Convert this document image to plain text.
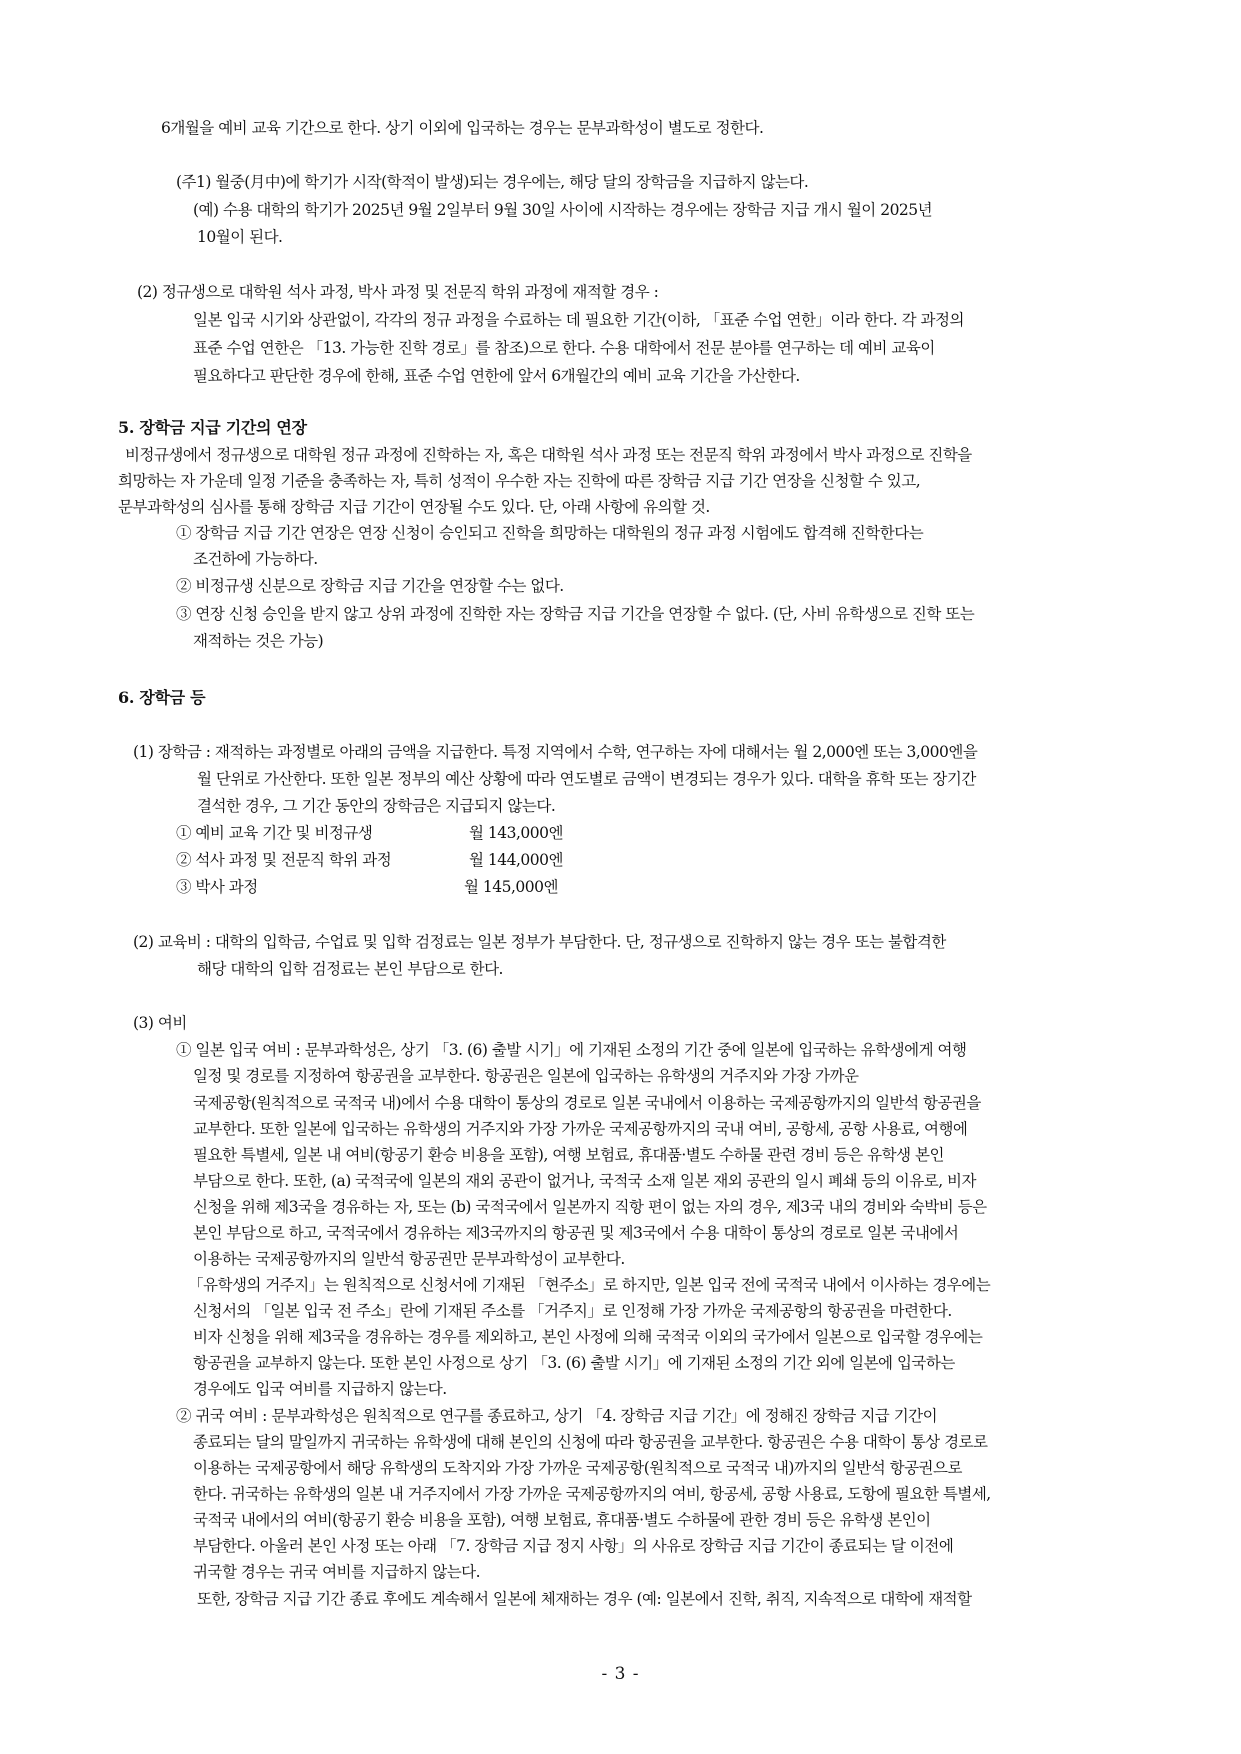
6개월을 예비 교육 기간으로 한다. 상기 이외에 입국하는 경우는 문부과학성이 별도로 정한다.
(주1) 월중(月中)에 학기가 시작(학적이 발생)되는 경우에는, 해당 달의 장학금을 지급하지 않는다.
(예) 수용 대학의 학기가 2025년 9월 2일부터 9월 30일 사이에 시작하는 경우에는 장학금 지급 개시 월이 2025년
10월이 된다.
(2) 정규생으로 대학원 석사 과정, 박사 과정 및 전문직 학위 과정에 재적할 경우 :
일본 입국 시기와 상관없이, 각각의 정규 과정을 수료하는 데 필요한 기간(이하, 「표준 수업 연한」이라 한다. 각 과정의
표준 수업 연한은 「13. 가능한 진학 경로」를 참조)으로 한다. 수용 대학에서 전문 분야를 연구하는 데 예비 교육이
필요하다고 판단한 경우에 한해, 표준 수업 연한에 앞서 6개월간의 예비 교육 기간을 가산한다.
5. 장학금 지급 기간의 연장
비정규생에서 정규생으로 대학원 정규 과정에 진학하는 자, 혹은 대학원 석사 과정 또는 전문직 학위 과정에서 박사 과정으로 진학을
희망하는 자 가운데 일정 기준을 충족하는 자, 특히 성적이 우수한 자는 진학에 따른 장학금 지급 기간 연장을 신청할 수 있고,
문부과학성의 심사를 통해 장학금 지급 기간이 연장될 수도 있다. 단, 아래 사항에 유의할 것.
① 장학금 지급 기간 연장은 연장 신청이 승인되고 진학을 희망하는 대학원의 정규 과정 시험에도 합격해 진학한다는
조건하에 가능하다.
② 비정규생 신분으로 장학금 지급 기간을 연장할 수는 없다.
③ 연장 신청 승인을 받지 않고 상위 과정에 진학한 자는 장학금 지급 기간을 연장할 수 없다. (단, 사비 유학생으로 진학 또는
재적하는 것은 가능)
6. 장학금 등
(1) 장학금 : 재적하는 과정별로 아래의 금액을 지급한다. 특정 지역에서 수학, 연구하는 자에 대해서는 월 2,000엔 또는 3,000엔을
월 단위로 가산한다. 또한 일본 정부의 예산 상황에 따라 연도별로 금액이 변경되는 경우가 있다. 대학을 휴학 또는 장기간
결석한 경우, 그 기간 동안의 장학금은 지급되지 않는다.
① 예비 교육 기간 및 비정규생	월 143,000엔
② 석사 과정 및 전문직 학위 과정	월 144,000엔
③ 박사 과정	월 145,000엔
(2) 교육비 : 대학의 입학금, 수업료 및 입학 검정료는 일본 정부가 부담한다. 단, 정규생으로 진학하지 않는 경우 또는 불합격한
해당 대학의 입학 검정료는 본인 부담으로 한다.
(3) 여비
① 일본 입국 여비 : 문부과학성은, 상기 「3. (6) 출발 시기」에 기재된 소정의 기간 중에 일본에 입국하는 유학생에게 여행
일정 및 경로를 지정하여 항공권을 교부한다. 항공권은 일본에 입국하는 유학생의 거주지와 가장 가까운
국제공항(원칙적으로 국적국 내)에서 수용 대학이 통상의 경로로 일본 국내에서 이용하는 국제공항까지의 일반석 항공권을
교부한다. 또한 일본에 입국하는 유학생의 거주지와 가장 가까운 국제공항까지의 국내 여비, 공항세, 공항 사용료, 여행에
필요한 특별세, 일본 내 여비(항공기 환승 비용을 포함), 여행 보험료, 휴대품·별도 수하물 관련 경비 등은 유학생 본인
부담으로 한다. 또한, (a) 국적국에 일본의 재외 공관이 없거나, 국적국 소재 일본 재외 공관의 일시 폐쇄 등의 이유로, 비자
신청을 위해 제3국을 경유하는 자, 또는 (b) 국적국에서 일본까지 직항 편이 없는 자의 경우, 제3국 내의 경비와 숙박비 등은
본인 부담으로 하고, 국적국에서 경유하는 제3국까지의 항공권 및 제3국에서 수용 대학이 통상의 경로로 일본 국내에서
이용하는 국제공항까지의 일반석 항공권만 문부과학성이 교부한다.
「유학생의 거주지」는 원칙적으로 신청서에 기재된 「현주소」로 하지만, 일본 입국 전에 국적국 내에서 이사하는 경우에는
신청서의 「일본 입국 전 주소」란에 기재된 주소를 「거주지」로 인정해 가장 가까운 국제공항의 항공권을 마련한다.
비자 신청을 위해 제3국을 경유하는 경우를 제외하고, 본인 사정에 의해 국적국 이외의 국가에서 일본으로 입국할 경우에는
항공권을 교부하지 않는다. 또한 본인 사정으로 상기 「3. (6) 출발 시기」에 기재된 소정의 기간 외에 일본에 입국하는
경우에도 입국 여비를 지급하지 않는다.
② 귀국 여비 : 문부과학성은 원칙적으로 연구를 종료하고, 상기 「4. 장학금 지급 기간」에 정해진 장학금 지급 기간이
종료되는 달의 말일까지 귀국하는 유학생에 대해 본인의 신청에 따라 항공권을 교부한다. 항공권은 수용 대학이 통상 경로로
이용하는 국제공항에서 해당 유학생의 도착지와 가장 가까운 국제공항(원칙적으로 국적국 내)까지의 일반석 항공권으로
한다. 귀국하는 유학생의 일본 내 거주지에서 가장 가까운 국제공항까지의 여비, 항공세, 공항 사용료, 도항에 필요한 특별세,
국적국 내에서의 여비(항공기 환승 비용을 포함), 여행 보험료, 휴대품·별도 수하물에 관한 경비 등은 유학생 본인이
부담한다. 아울러 본인 사정 또는 아래 「7. 장학금 지급 정지 사항」의 사유로 장학금 지급 기간이 종료되는 달 이전에
귀국할 경우는 귀국 여비를 지급하지 않는다.
또한, 장학금 지급 기간 종료 후에도 계속해서 일본에 체재하는 경우 (예: 일본에서 진학, 취직, 지속적으로 대학에 재적할
- 3 -
